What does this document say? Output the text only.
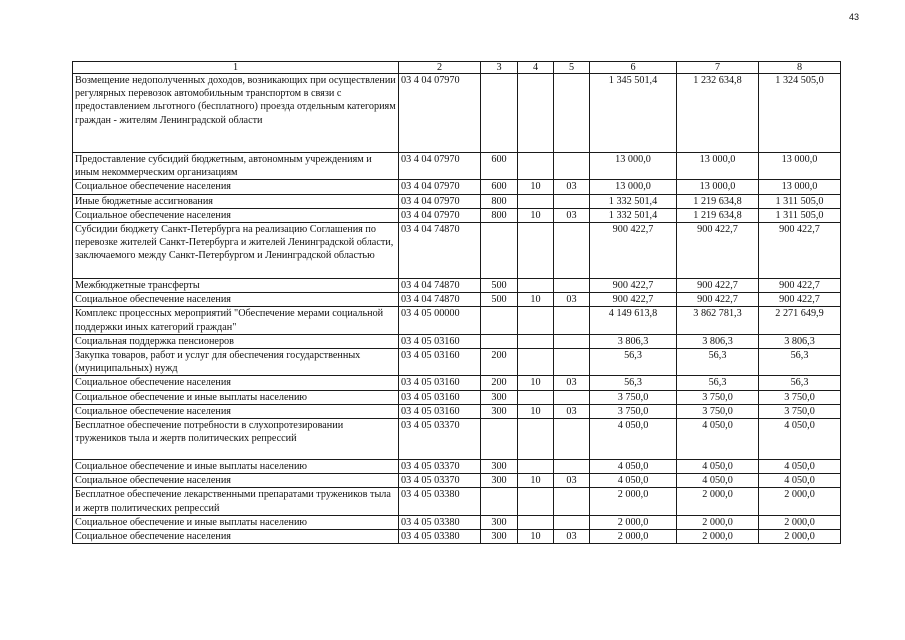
43
1	2	3	4	5	6	7	8
Возмещение недополученных доходов, возникающих при осуществлении регулярных перевозок автомобильным транспортом в связи с предоставлением льготного (бесплатного) проезда отдельным категориям граждан - жителям Ленинградской области	03 4 04 07970				1 345 501,4	1 232 634,8	1 324 505,0
Предоставление субсидий бюджетным, автономным учреждениям и иным некоммерческим организациям	03 4 04 07970	600			13 000,0	13 000,0	13 000,0
Социальное обеспечение населения	03 4 04 07970	600	10	03	13 000,0	13 000,0	13 000,0
Иные бюджетные ассигнования	03 4 04 07970	800			1 332 501,4	1 219 634,8	1 311 505,0
Социальное обеспечение населения	03 4 04 07970	800	10	03	1 332 501,4	1 219 634,8	1 311 505,0
Субсидии бюджету Санкт-Петербурга на реализацию Соглашения по перевозке жителей Санкт-Петербурга и жителей Ленинградской области, заключаемого между Санкт-Петербургом и Ленинградской областью	03 4 04 74870				900 422,7	900 422,7	900 422,7
Межбюджетные трансферты	03 4 04 74870	500			900 422,7	900 422,7	900 422,7
Социальное обеспечение населения	03 4 04 74870	500	10	03	900 422,7	900 422,7	900 422,7
Комплекс процессных мероприятий "Обеспечение мерами социальной поддержки иных категорий граждан"	03 4 05 00000				4 149 613,8	3 862 781,3	2 271 649,9
Социальная поддержка пенсионеров	03 4 05 03160				3 806,3	3 806,3	3 806,3
Закупка товаров, работ и услуг для обеспечения государственных (муниципальных) нужд	03 4 05 03160	200			56,3	56,3	56,3
Социальное обеспечение населения	03 4 05 03160	200	10	03	56,3	56,3	56,3
Социальное обеспечение и иные выплаты населению	03 4 05 03160	300			3 750,0	3 750,0	3 750,0
Социальное обеспечение населения	03 4 05 03160	300	10	03	3 750,0	3 750,0	3 750,0
Бесплатное обеспечение потребности в слухопротезировании тружеников тыла и жертв политических репрессий	03 4 05 03370				4 050,0	4 050,0	4 050,0
Социальное обеспечение и иные выплаты населению	03 4 05 03370	300			4 050,0	4 050,0	4 050,0
Социальное обеспечение населения	03 4 05 03370	300	10	03	4 050,0	4 050,0	4 050,0
Бесплатное обеспечение лекарственными препаратами тружеников тыла и жертв политических репрессий	03 4 05 03380				2 000,0	2 000,0	2 000,0
Социальное обеспечение и иные выплаты населению	03 4 05 03380	300			2 000,0	2 000,0	2 000,0
Социальное обеспечение населения	03 4 05 03380	300	10	03	2 000,0	2 000,0	2 000,0
